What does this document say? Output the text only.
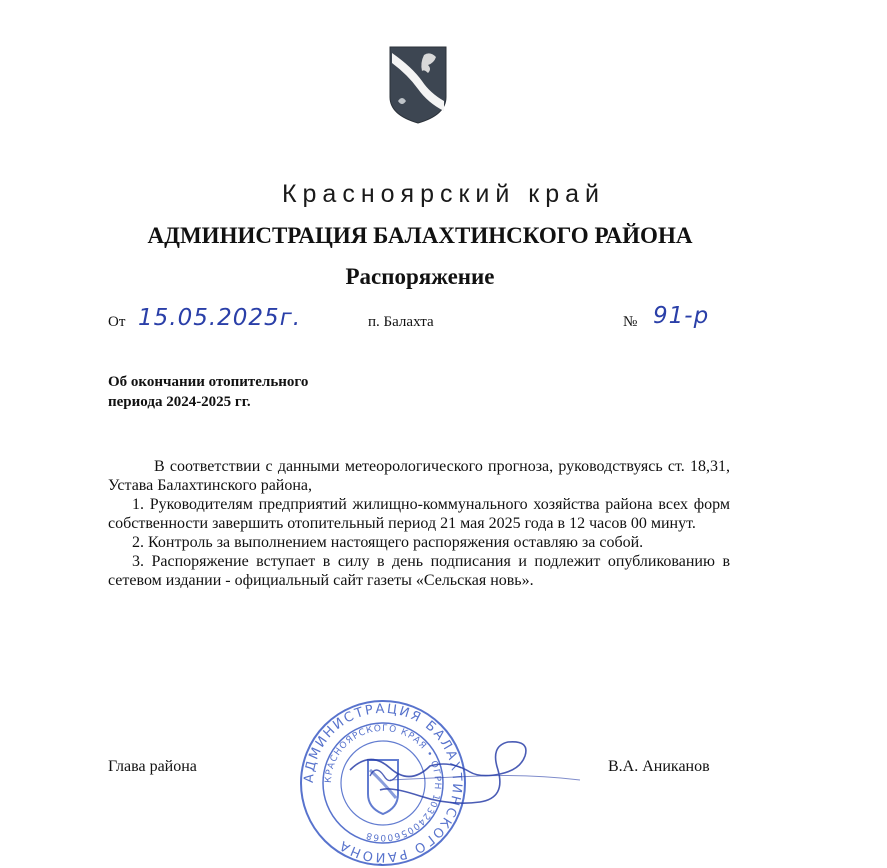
Красноярский край
АДМИНИСТРАЦИЯ БАЛАХТИНСКОГО РАЙОНА
Распоряжение
От 15.05.2025г.	п. Балахта	№ 91-р
Об окончании отопительного
периода 2024-2025 гг.

В соответствии с данными метеорологического прогноза, руководствуясь ст. 18,31, Устава Балахтинского района,

1. Руководителям предприятий жилищно-коммунального хозяйства района всех форм собственности завершить отопительный период 21 мая 2025 года в 12 часов 00 минут.

2. Контроль за выполнением настоящего распоряжения оставляю за собой.

3. Распоряжение вступает в силу в день подписания и подлежит опубликованию в сетевом издании - официальный сайт газеты «Сельская новь».

Глава района	В.А. Аниканов
АДМИНИСТРАЦИЯ БАЛАХТИНСКОГО РАЙОНА
КРАСНОЯРСКОГО КРАЯ • ОГРН 1032400560068
